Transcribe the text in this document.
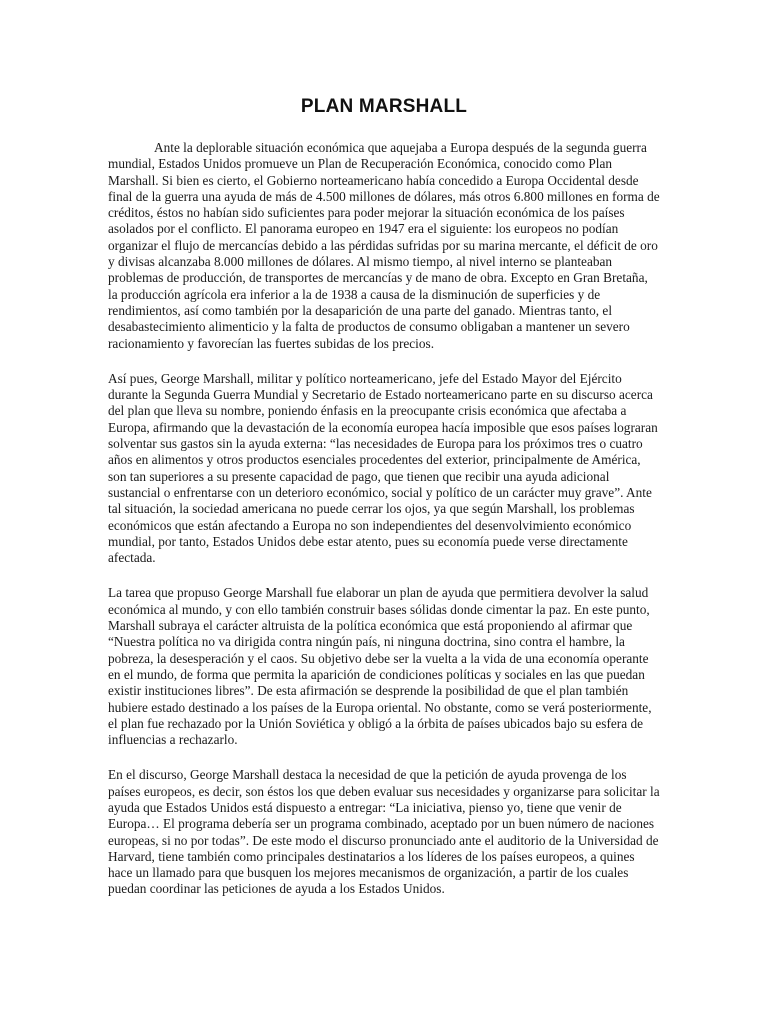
PLAN MARSHALL

Ante la deplorable situación económica que aquejaba a Europa después de la segunda guerra mundial, Estados Unidos promueve un Plan de Recuperación Económica, conocido como Plan Marshall. Si bien es cierto, el Gobierno norteamericano había concedido a Europa Occidental desde final de la guerra una ayuda de más de 4.500 millones de dólares, más otros 6.800 millones en forma de créditos, éstos no habían sido suficientes para poder mejorar la situación económica de los países asolados por el conflicto. El panorama europeo en 1947 era el siguiente: los europeos no podían organizar el flujo de mercancías debido a las pérdidas sufridas por su marina mercante, el déficit de oro y divisas alcanzaba 8.000 millones de dólares. Al mismo tiempo, al nivel interno se planteaban problemas de producción, de transportes de mercancías y de mano de obra. Excepto en Gran Bretaña, la producción agrícola era inferior a la de 1938 a causa de la disminución de superficies y de rendimientos, así como también por la desaparición de una parte del ganado. Mientras tanto, el desabastecimiento alimenticio y la falta de productos de consumo obligaban a mantener un severo racionamiento y favorecían las fuertes subidas de los precios.

Así pues, George Marshall, militar y político norteamericano, jefe del Estado Mayor del Ejército durante la Segunda Guerra Mundial y Secretario de Estado norteamericano parte en su discurso acerca del plan que lleva su nombre, poniendo énfasis en la preocupante crisis económica que afectaba a Europa, afirmando que la devastación de la economía europea hacía imposible que esos países lograran solventar sus gastos sin la ayuda externa: “las necesidades de Europa para los próximos tres o cuatro años en alimentos y otros productos esenciales procedentes del exterior, principalmente de América, son tan superiores a su presente capacidad de pago, que tienen que recibir una ayuda adicional sustancial o enfrentarse con un deterioro económico, social y político de un carácter muy grave”. Ante tal situación, la sociedad americana no puede cerrar los ojos, ya que según Marshall, los problemas económicos que están afectando a Europa no son independientes del desenvolvimiento económico mundial, por tanto, Estados Unidos debe estar atento, pues su economía puede verse directamente afectada.

La tarea que propuso George Marshall fue elaborar un plan de ayuda que permitiera devolver la salud económica al mundo, y con ello también construir bases sólidas donde cimentar la paz. En este punto, Marshall subraya el carácter altruista de la política económica que está proponiendo al afirmar que “Nuestra política no va dirigida contra ningún país, ni ninguna doctrina, sino contra el hambre, la pobreza, la desesperación y el caos. Su objetivo debe ser la vuelta a la vida de una economía operante en el mundo, de forma que permita la aparición de condiciones políticas y sociales en las que puedan existir instituciones libres”. De esta afirmación se desprende la posibilidad de que el plan también hubiere estado destinado a los países de la Europa oriental. No obstante, como se verá posteriormente, el plan fue rechazado por la Unión Soviética y obligó a la órbita de países ubicados bajo su esfera de influencias a rechazarlo.

En el discurso, George Marshall destaca la necesidad de que la petición de ayuda provenga de los países europeos, es decir, son éstos los que deben evaluar sus necesidades y organizarse para solicitar la ayuda que Estados Unidos está dispuesto a entregar: “La iniciativa, pienso yo, tiene que venir de Europa… El programa debería ser un programa combinado, aceptado por un buen número de naciones europeas, si no por todas”. De este modo el discurso pronunciado ante el auditorio de la Universidad de Harvard, tiene también como principales destinatarios a los líderes de los países europeos, a quines hace un llamado para que busquen los mejores mecanismos de organización, a partir de los cuales puedan coordinar las peticiones de ayuda a los Estados Unidos.
